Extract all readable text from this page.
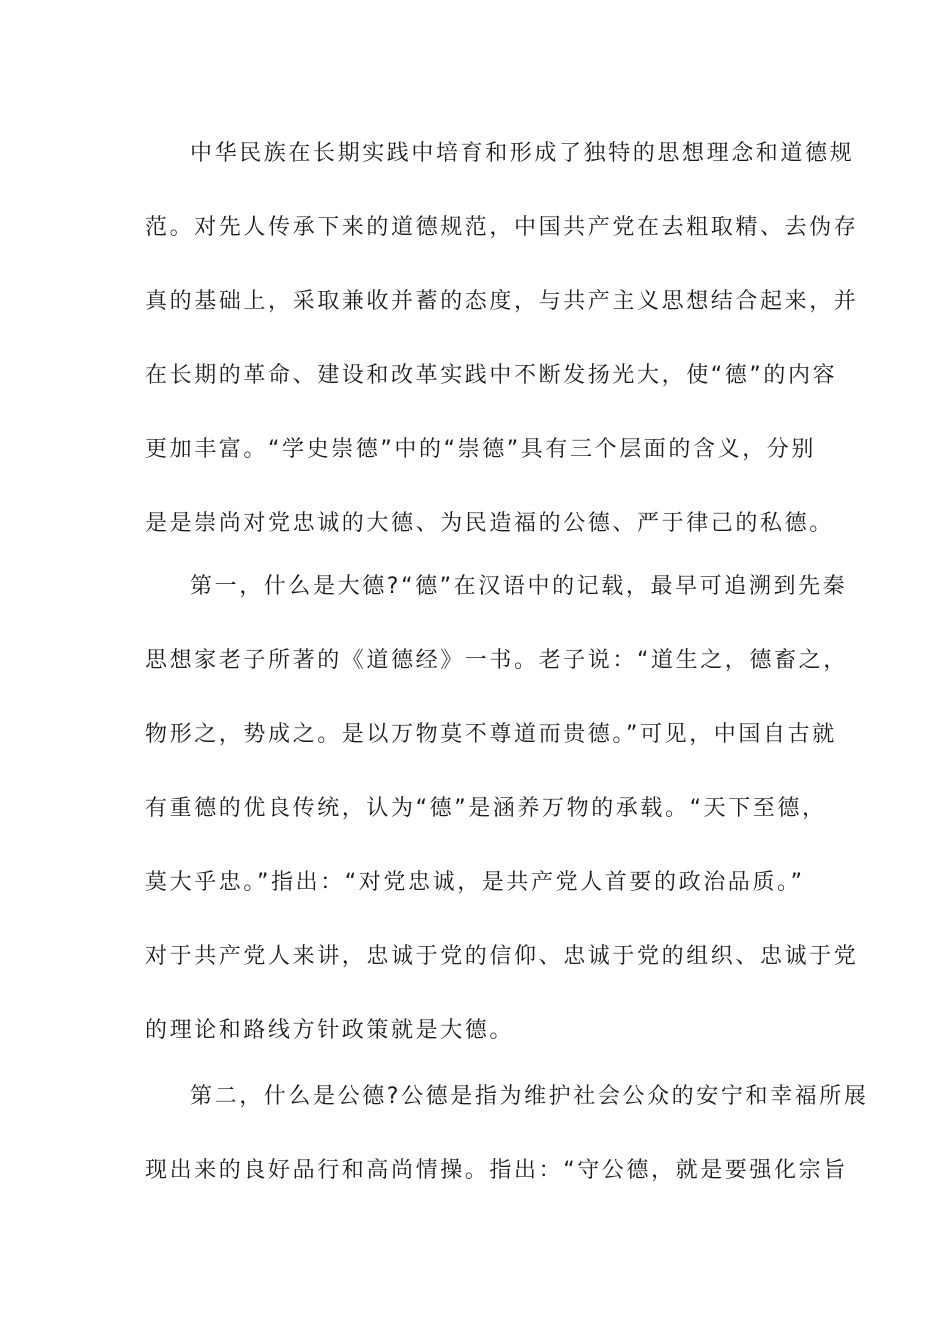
中华民族在长期实践中培育和形成了独特的思想理念和道德规
范。对先人传承下来的道德规范，中国共产党在去粗取精、去伪存
真的基础上，采取兼收并蓄的态度，与共产主义思想结合起来，并
在长期的革命、建设和改革实践中不断发扬光大，使“德”的内容
更加丰富。“学史崇德”中的“崇德”具有三个层面的含义，分别
是是崇尚对党忠诚的大德、为民造福的公德、严于律己的私德。
第一，什么是大德?“德”在汉语中的记载，最早可追溯到先秦
思想家老子所著的《道德经》一书。老子说：“道生之，德畜之，
物形之，势成之。是以万物莫不尊道而贵德。”可见，中国自古就
有重德的优良传统，认为“德”是涵养万物的承载。“天下至德，
莫大乎忠。”指出：“对党忠诚，是共产党人首要的政治品质。”
对于共产党人来讲，忠诚于党的信仰、忠诚于党的组织、忠诚于党
的理论和路线方针政策就是大德。
第二，什么是公德?公德是指为维护社会公众的安宁和幸福所展
现出来的良好品行和高尚情操。指出：“守公德，就是要强化宗旨
